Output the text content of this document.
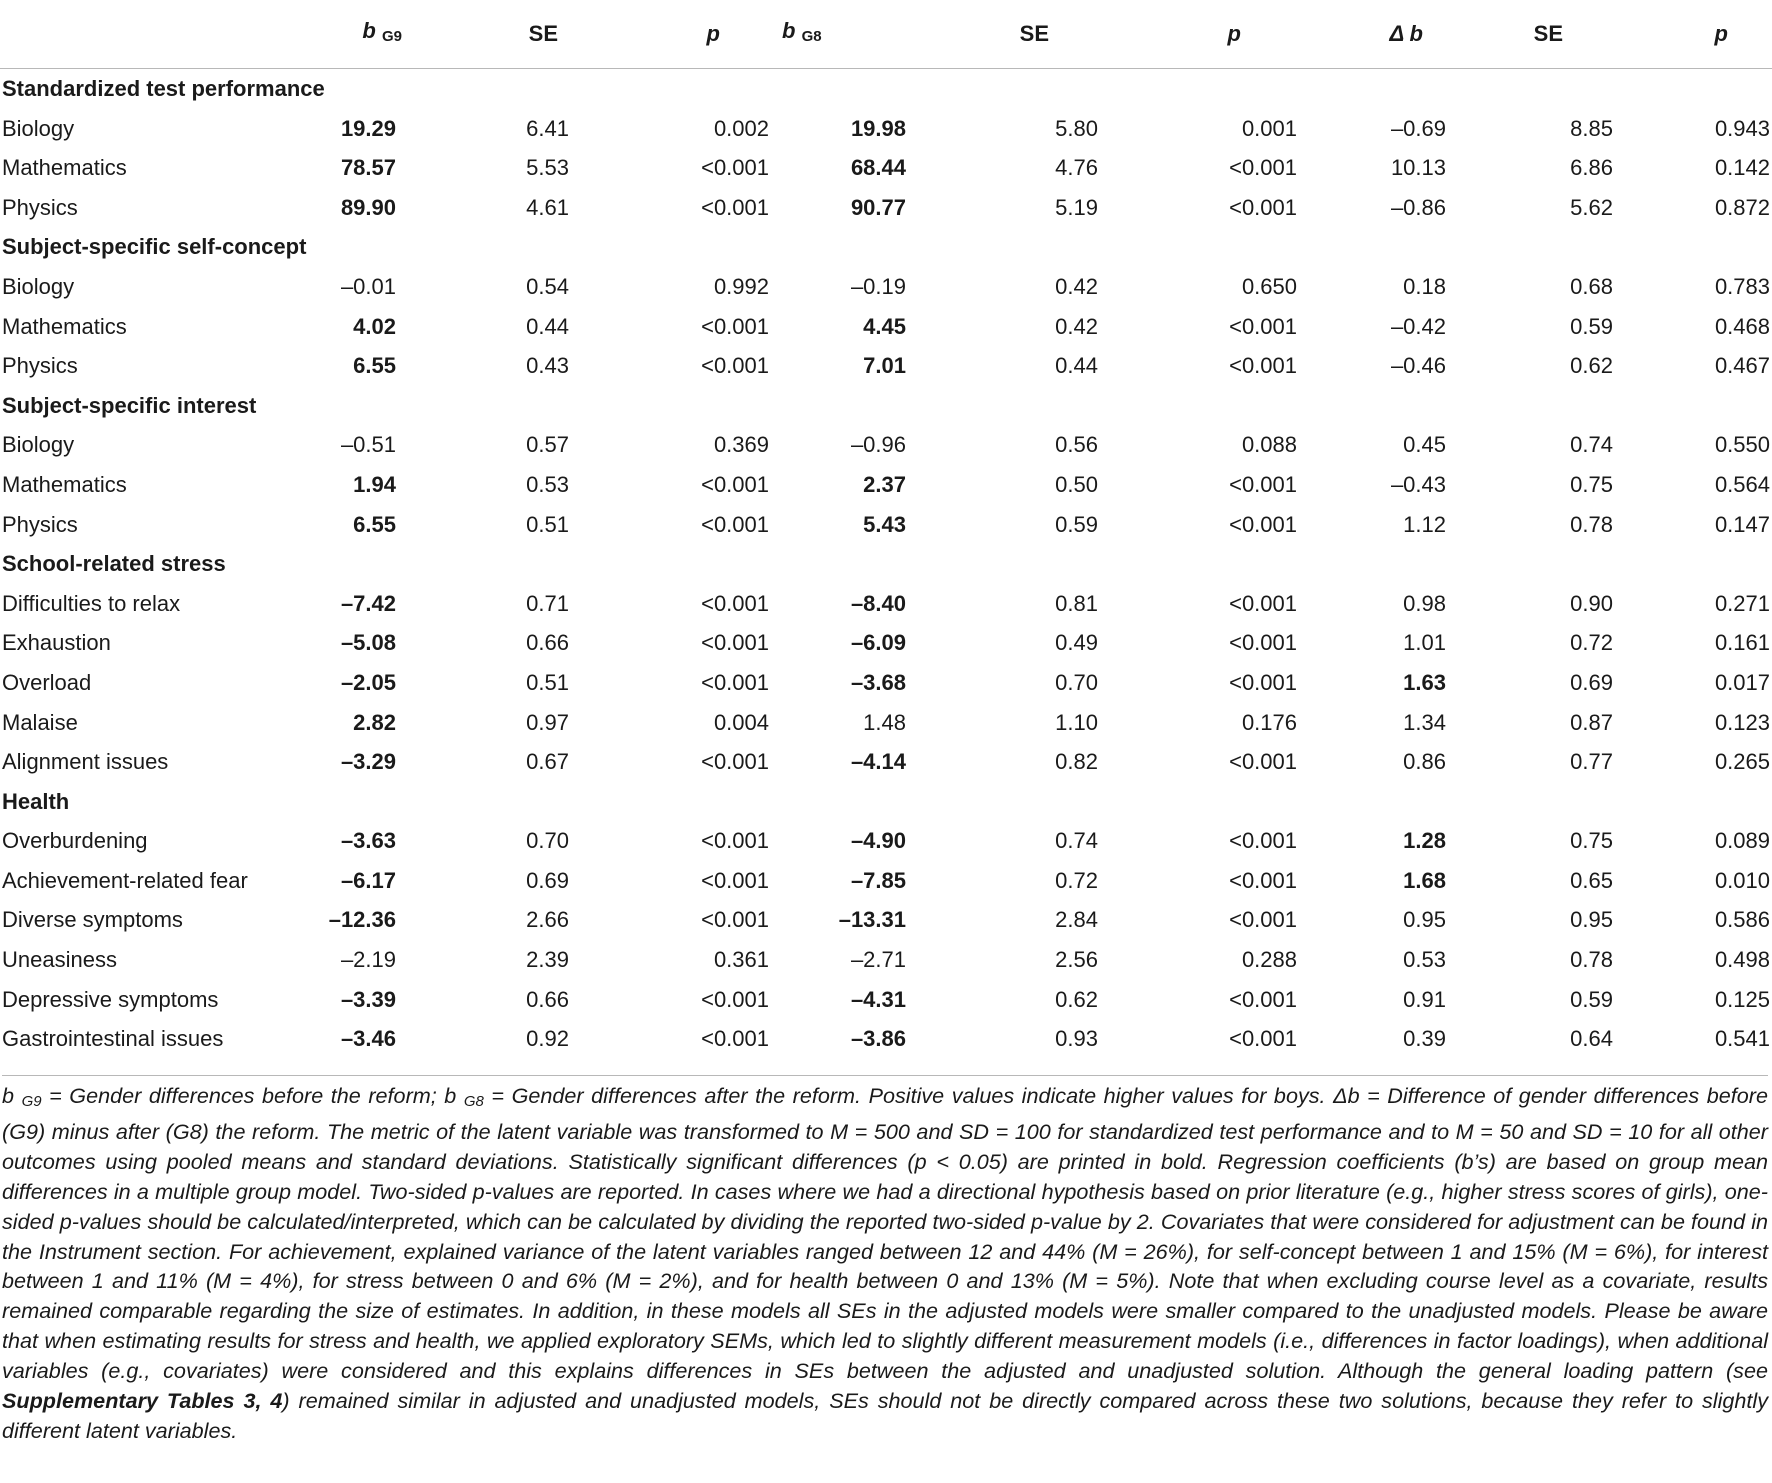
	b $_{G9}$	SE	p	b $_{G8}$	SE	p	Δ b	SE	p
Standardized test performance									
Biology	19.29	6.41	0.002	19.98	5.80	0.001	–0.69	8.85	0.943
Mathematics	78.57	5.53	<0.001	68.44	4.76	<0.001	10.13	6.86	0.142
Physics	89.90	4.61	<0.001	90.77	5.19	<0.001	–0.86	5.62	0.872
Subject-specific self-concept									
Biology	–0.01	0.54	0.992	–0.19	0.42	0.650	0.18	0.68	0.783
Mathematics	4.02	0.44	<0.001	4.45	0.42	<0.001	–0.42	0.59	0.468
Physics	6.55	0.43	<0.001	7.01	0.44	<0.001	–0.46	0.62	0.467
Subject-specific interest									
Biology	–0.51	0.57	0.369	–0.96	0.56	0.088	0.45	0.74	0.550
Mathematics	1.94	0.53	<0.001	2.37	0.50	<0.001	–0.43	0.75	0.564
Physics	6.55	0.51	<0.001	5.43	0.59	<0.001	1.12	0.78	0.147
School-related stress									
Difficulties to relax	–7.42	0.71	<0.001	–8.40	0.81	<0.001	0.98	0.90	0.271
Exhaustion	–5.08	0.66	<0.001	–6.09	0.49	<0.001	1.01	0.72	0.161
Overload	–2.05	0.51	<0.001	–3.68	0.70	<0.001	1.63	0.69	0.017
Malaise	2.82	0.97	0.004	1.48	1.10	0.176	1.34	0.87	0.123
Alignment issues	–3.29	0.67	<0.001	–4.14	0.82	<0.001	0.86	0.77	0.265
Health									
Overburdening	–3.63	0.70	<0.001	–4.90	0.74	<0.001	1.28	0.75	0.089
Achievement-related fear	–6.17	0.69	<0.001	–7.85	0.72	<0.001	1.68	0.65	0.010
Diverse symptoms	–12.36	2.66	<0.001	–13.31	2.84	<0.001	0.95	0.95	0.586
Uneasiness	–2.19	2.39	0.361	–2.71	2.56	0.288	0.53	0.78	0.498
Depressive symptoms	–3.39	0.66	<0.001	–4.31	0.62	<0.001	0.91	0.59	0.125
Gastrointestinal issues	–3.46	0.92	<0.001	–3.86	0.93	<0.001	0.39	0.64	0.541
b G9 = Gender differences before the reform; b G8 = Gender differences after the reform. Positive values indicate higher values for boys. Δb = Difference of gender differences before (G9) minus after (G8) the reform. The metric of the latent variable was transformed to M = 500 and SD = 100 for standardized test performance and to M = 50 and SD = 10 for all other outcomes using pooled means and standard deviations. Statistically significant differences (p < 0.05) are printed in bold. Regression coefficients (b’s) are based on group mean differences in a multiple group model. Two-sided p-values are reported. In cases where we had a directional hypothesis based on prior literature (e.g., higher stress scores of girls), one-sided p-values should be calculated/interpreted, which can be calculated by dividing the reported two-sided p-value by 2. Covariates that were considered for adjustment can be found in the Instrument section. For achievement, explained variance of the latent variables ranged between 12 and 44% (M = 26%), for self-concept between 1 and 15% (M = 6%), for interest between 1 and 11% (M = 4%), for stress between 0 and 6% (M = 2%), and for health between 0 and 13% (M = 5%). Note that when excluding course level as a covariate, results remained comparable regarding the size of estimates. In addition, in these models all SEs in the adjusted models were smaller compared to the unadjusted models. Please be aware that when estimating results for stress and health, we applied exploratory SEMs, which led to slightly different measurement models (i.e., differences in factor loadings), when additional variables (e.g., covariates) were considered and this explains differences in SEs between the adjusted and unadjusted solution. Although the general loading pattern (see Supplementary Tables 3, 4) remained similar in adjusted and unadjusted models, SEs should not be directly compared across these two solutions, because they refer to slightly different latent variables.
